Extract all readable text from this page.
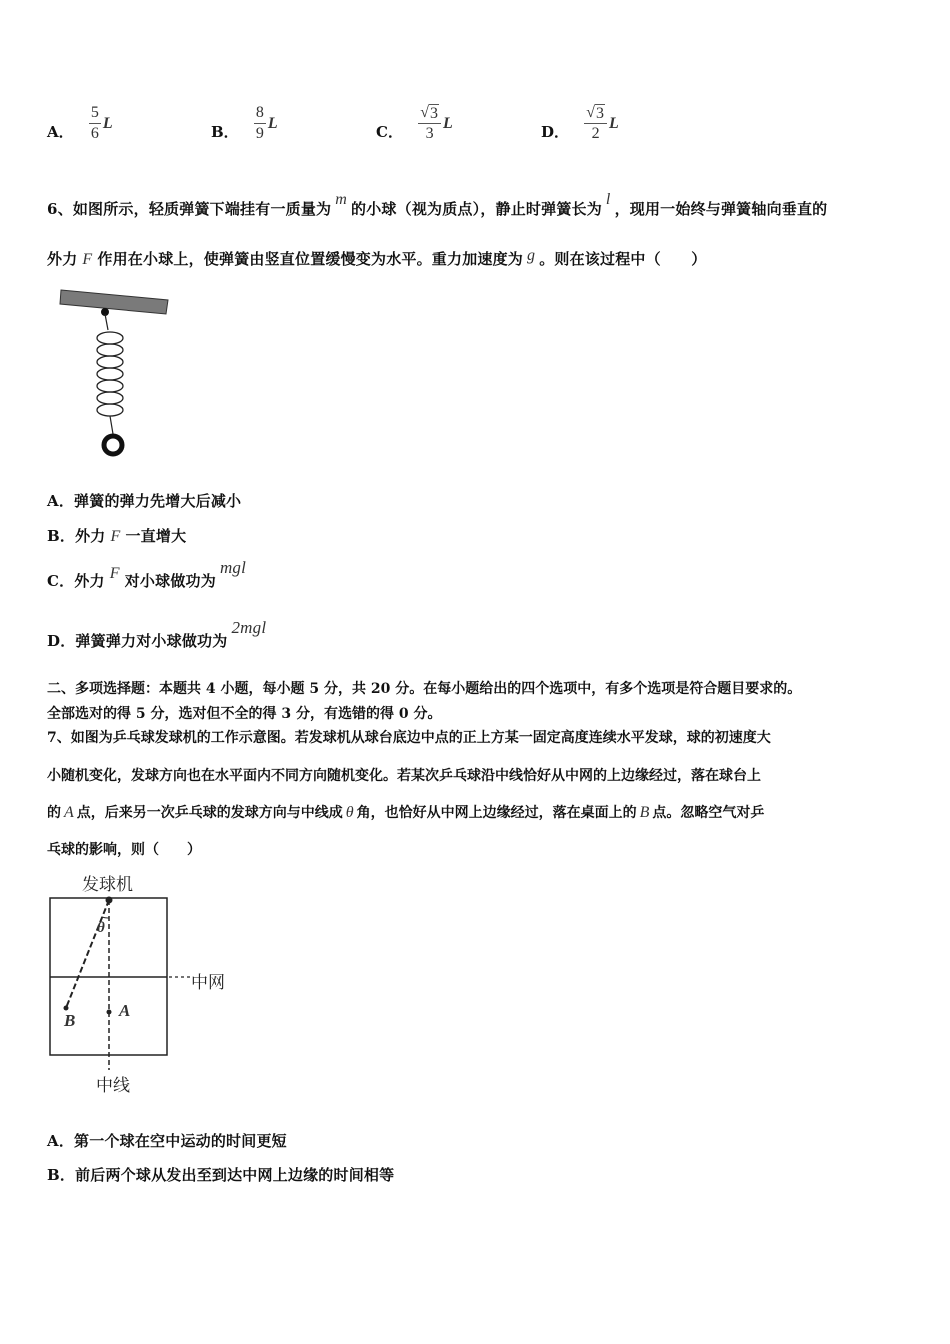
A． $\frac{5}{6}$ L	B． $\frac{8}{9}$ L	C． $\frac{√ 3}{3}$ L	D． $\frac{√ 3}{2}$ L
6、如图所示，轻质弹簧下端挂有一质量为m的小球（视为质点），静止时弹簧长为l，现用一始终与弹簧轴向垂直的
外力 F 作用在小球上，使弹簧由竖直位置缓慢变为水平。重力加速度为 g 。则在该过程中（　　）
A．弹簧的弹力先增大后减小
B．外力 F 一直增大
C．外力 F 对小球做功为mgl
D．弹簧弹力对小球做功为2mgl
二、多项选择题：本题共 4 小题，每小题 5 分，共 20 分。在每小题给出的四个选项中，有多个选项是符合题目要求的。
全部选对的得 5 分，选对但不全的得 3 分，有选错的得 0 分。
7、如图为乒乓球发球机的工作示意图。若发球机从球台底边中点的正上方某一固定高度连续水平发球，球的初速度大
小随机变化，发球方向也在水平面内不同方向随机变化。若某次乒乓球沿中线恰好从中网的上边缘经过，落在球台上
的 A 点，后来另一次乒乓球的发球方向与中线成 θ 角，也恰好从中网上边缘经过，落在桌面上的 B 点。忽略空气对乒
乓球的影响，则（　　）
发球机
θ
A
B
中网
中线
A．第一个球在空中运动的时间更短
B．前后两个球从发出至到达中网上边缘的时间相等
